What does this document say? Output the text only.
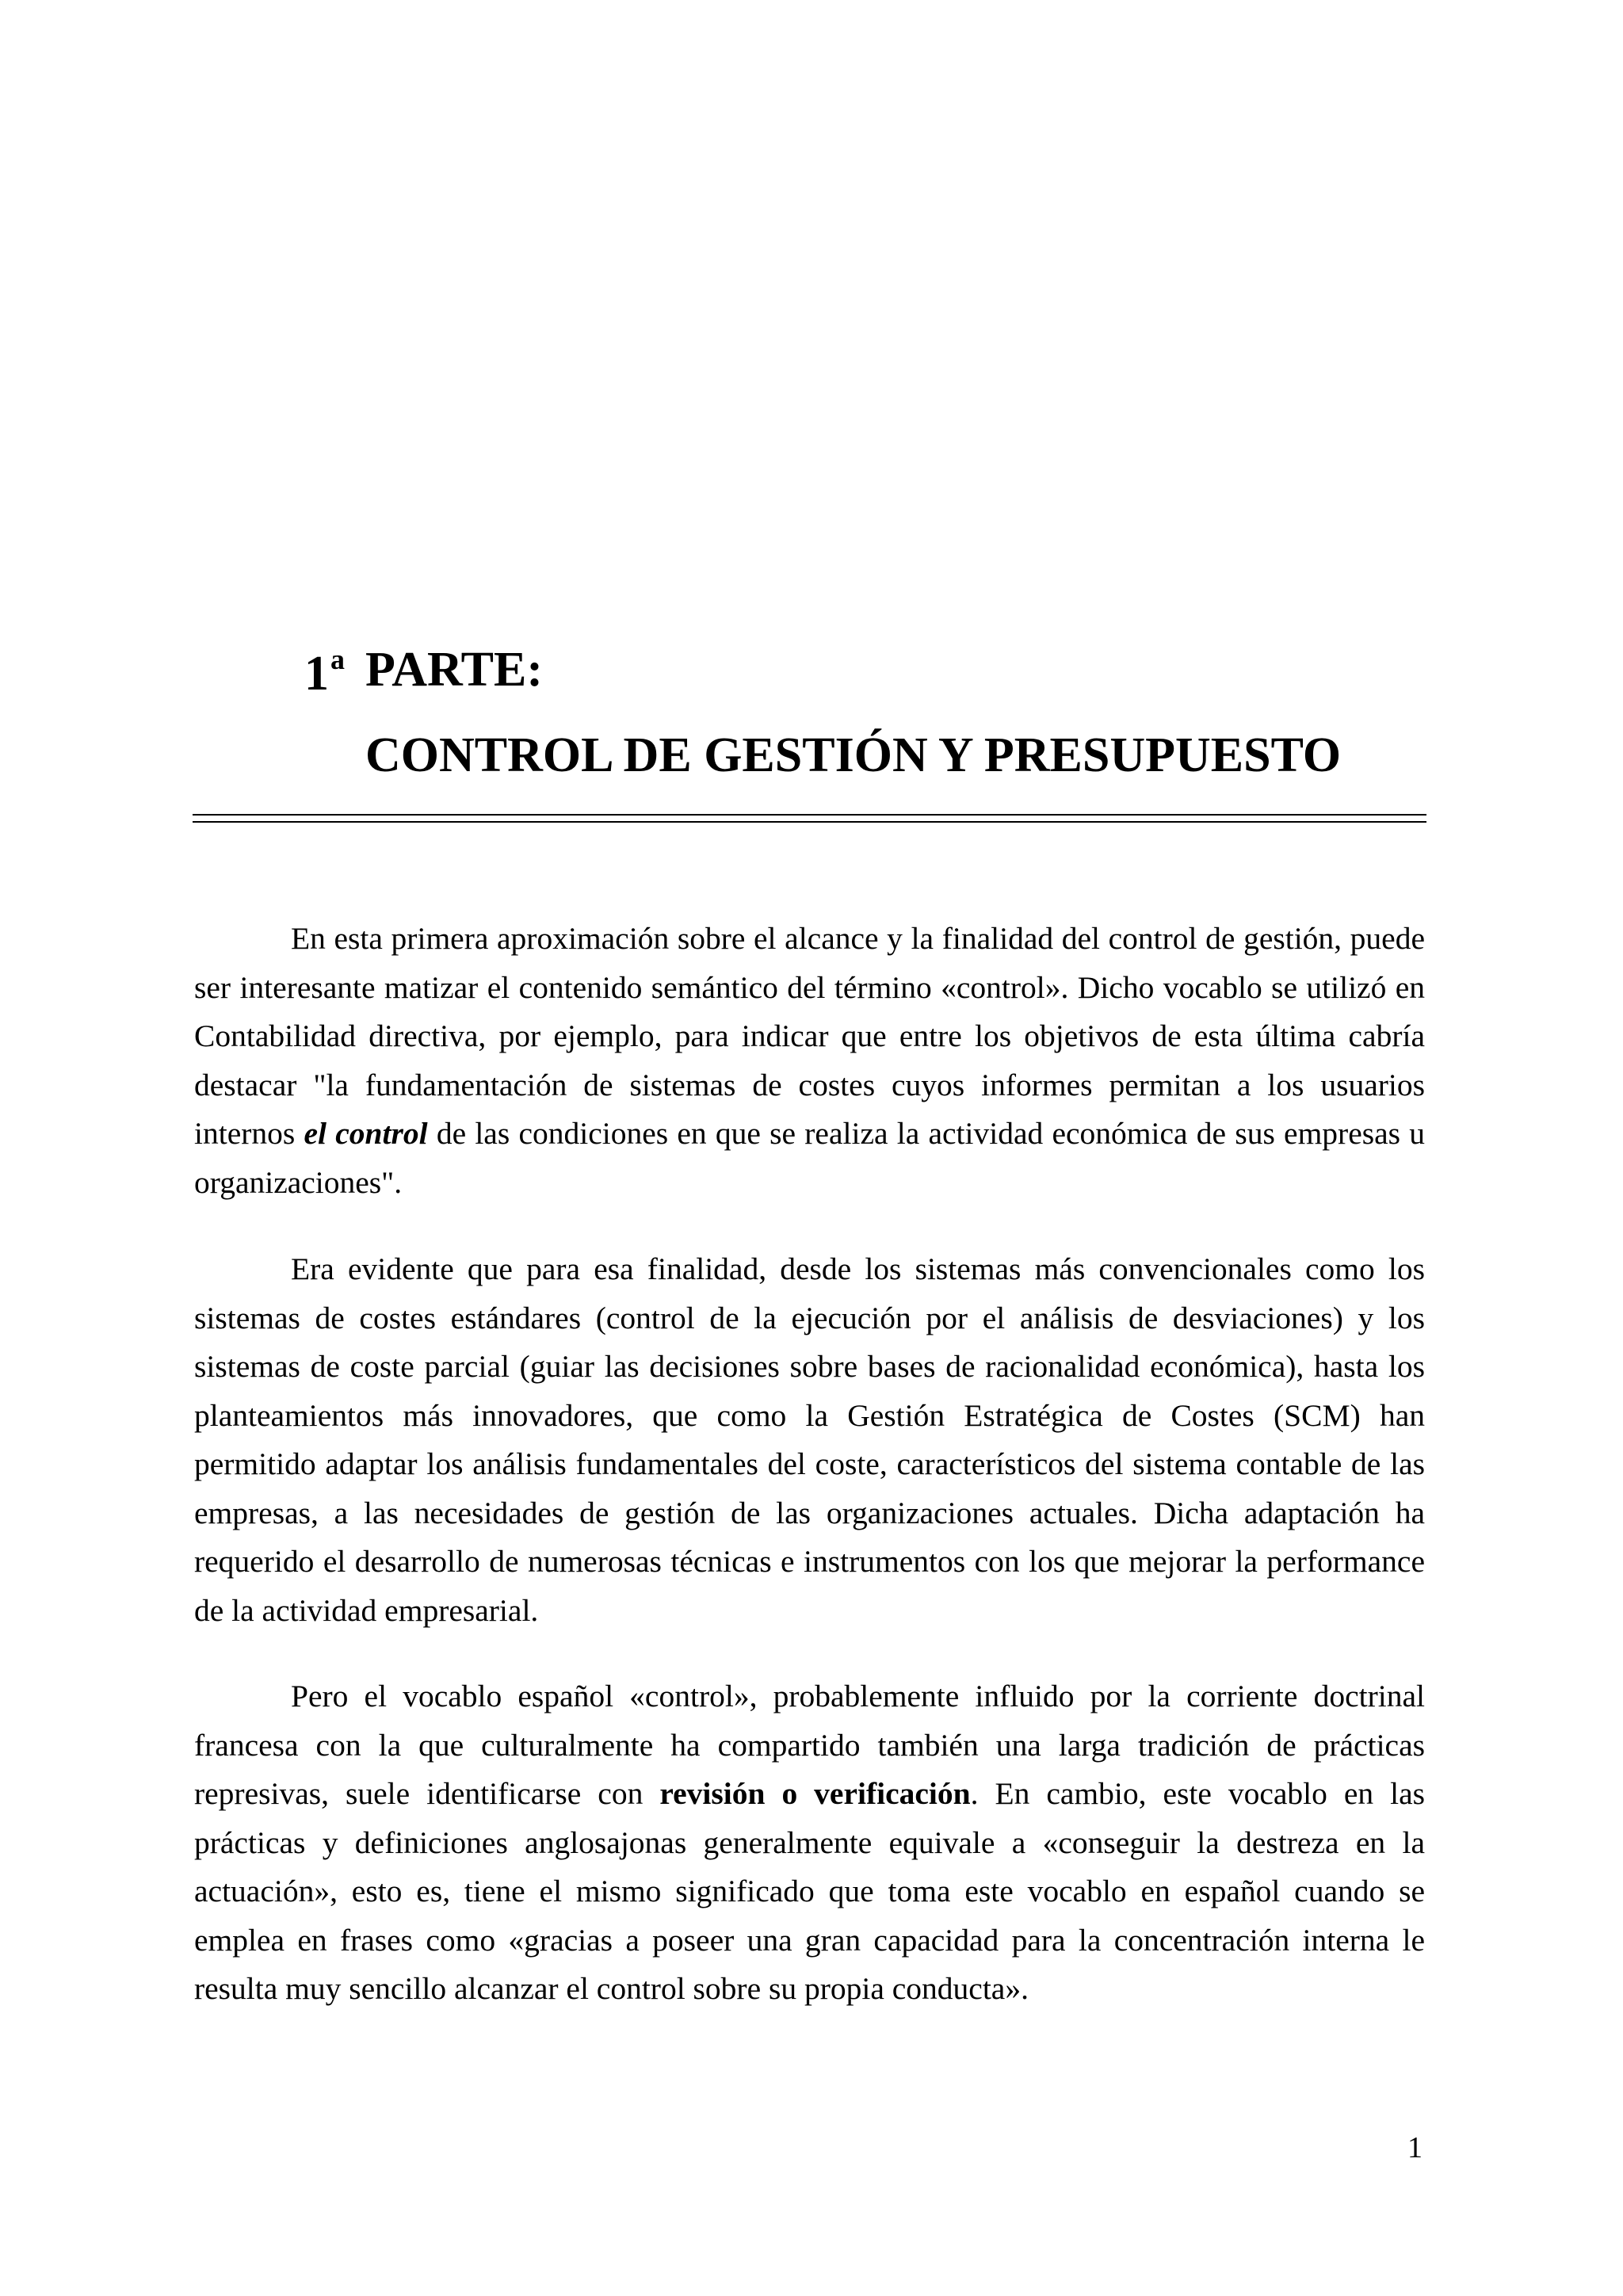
1$^a$ PARTE:
CONTROL DE GESTIÓN Y PRESUPUESTO

En esta primera aproximación sobre el alcance y la finalidad del control de gestión, puede ser interesante matizar el contenido semántico del término «control». Dicho vocablo se utilizó en Contabilidad directiva, por ejemplo, para indicar que entre los objetivos de esta última cabría destacar "la fundamentación de sistemas de costes cuyos informes permitan a los usuarios internos el control de las condiciones en que se realiza la actividad económica de sus empresas u organizaciones".

Era evidente que para esa finalidad, desde los sistemas más convencionales como los sistemas de costes estándares (control de la ejecución por el análisis de desviaciones) y los sistemas de coste parcial (guiar las decisiones sobre bases de racionalidad económica), hasta los planteamientos más innovadores, que como la Gestión Estratégica de Costes (SCM) han permitido adaptar los análisis fundamentales del coste, característicos del sistema contable de las empresas, a las necesidades de gestión de las organizaciones actuales. Dicha adaptación ha requerido el desarrollo de numerosas técnicas e instrumentos con los que mejorar la performance de la actividad empresarial.

Pero el vocablo español «control», probablemente influido por la corriente doctrinal francesa con la que culturalmente ha compartido también una larga tradición de prácticas represivas, suele identificarse con revisión o verificación. En cambio, este vocablo en las prácticas y definiciones anglosajonas generalmente equivale a «conseguir la destreza en la actuación», esto es, tiene el mismo significado que toma este vocablo en español cuando se emplea en frases como «gracias a poseer una gran capacidad para la concentración interna le resulta muy sencillo alcanzar el control sobre su propia conducta».

1
